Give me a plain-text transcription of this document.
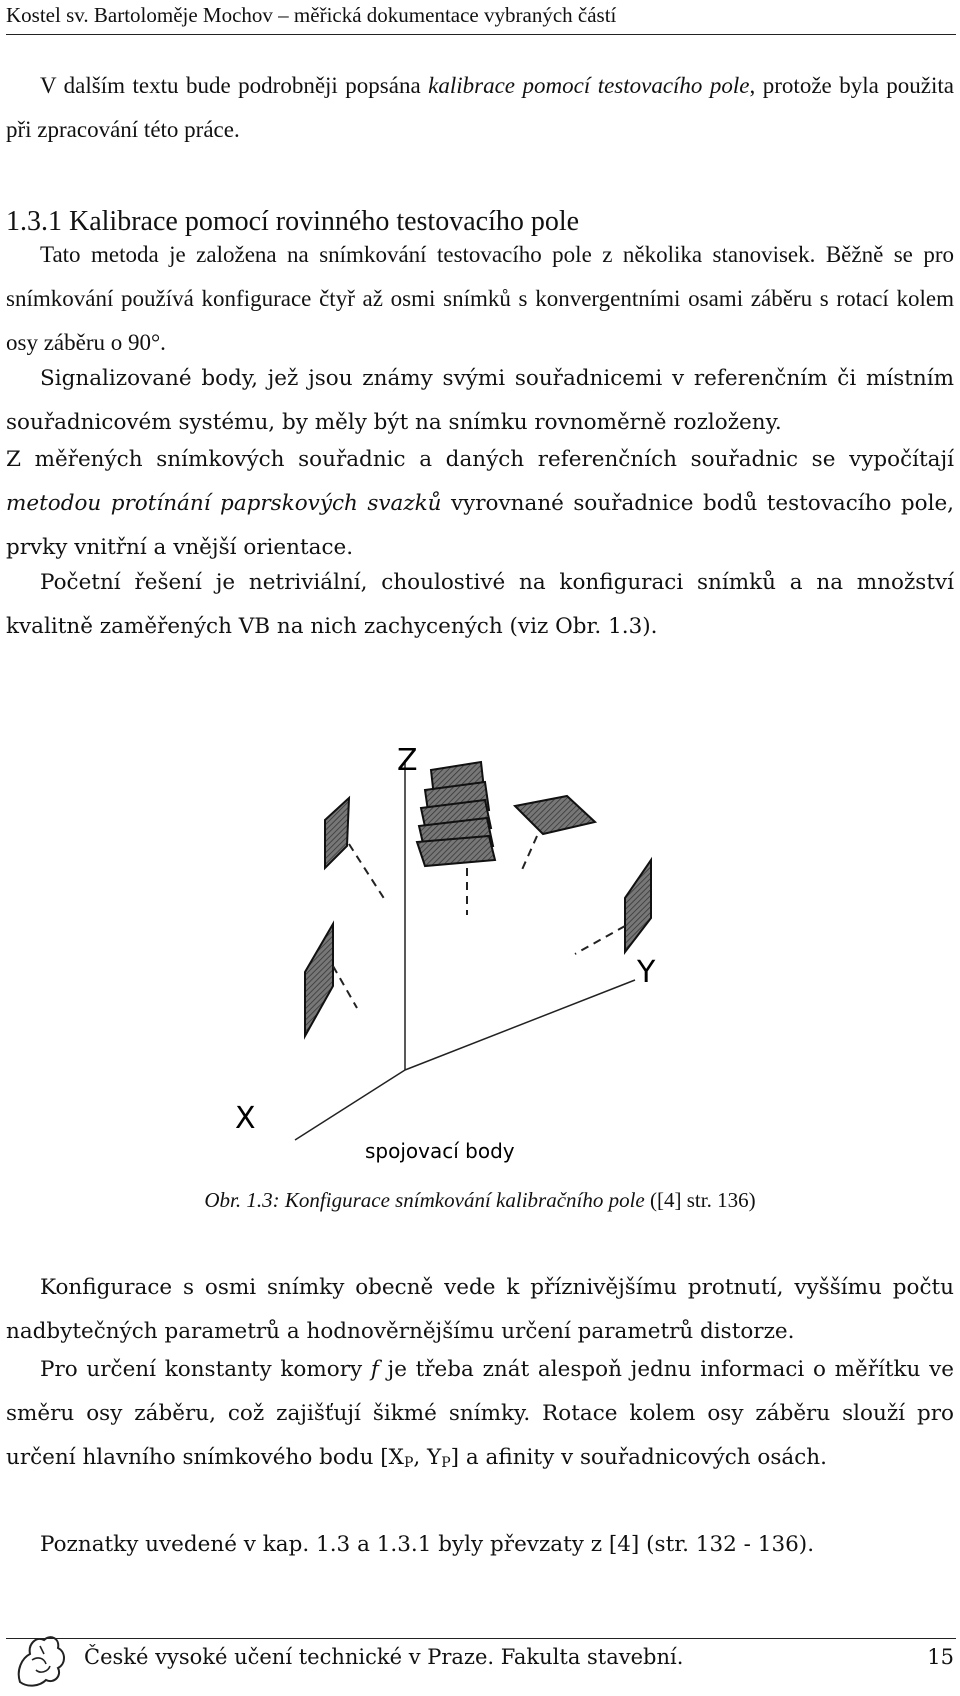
Kostel sv. Bartoloměje Mochov – měřická dokumentace vybraných částí

V dalším textu bude podrobněji popsána kalibrace pomocí testovacího pole, protože byla použita při zpracování této práce.

1.3.1 Kalibrace pomocí rovinného testovacího pole

Tato metoda je založena na snímkování testovacího pole z několika stanovisek. Běžně se pro snímkování používá konfigurace čtyř až osmi snímků s konvergentními osami záběru s rotací kolem osy záběru o 90°.

Signalizované body, jež jsou známy svými souřadnicemi v referenčním či místním souřadnicovém systému, by měly být na snímku rovnoměrně rozloženy.

Z měřených snímkových souřadnic a daných referenčních souřadnic se vypočítají metodou protínání paprskových svazků vyrovnané souřadnice bodů testovacího pole, prvky vnitřní a vnější orientace.

Početní řešení je netriviální, choulostivé na konfiguraci snímků a na množství kvalitně zaměřených VB na nich zachycených (viz Obr. 1.3).

Z
Y
X
spojovací body
Obr. 1.3: Konfigurace snímkování kalibračního pole ([4] str. 136)

Konfigurace s osmi snímky obecně vede k příznivějšímu protnutí, vyššímu počtu nadbytečných parametrů a hodnověrnějšímu určení parametrů distorze.

Pro určení konstanty komory f je třeba znát alespoň jednu informaci o měřítku ve směru osy záběru, což zajišťují šikmé snímky. Rotace kolem osy záběru slouží pro určení hlavního snímkového bodu [$X_P$, $Y_P$] a afinity v souřadnicových osách.

Poznatky uvedené v kap. 1.3 a 1.3.1 byly převzaty z [4] (str. 132 - 136).

České vysoké učení technické v Praze. Fakulta stavební.	15
